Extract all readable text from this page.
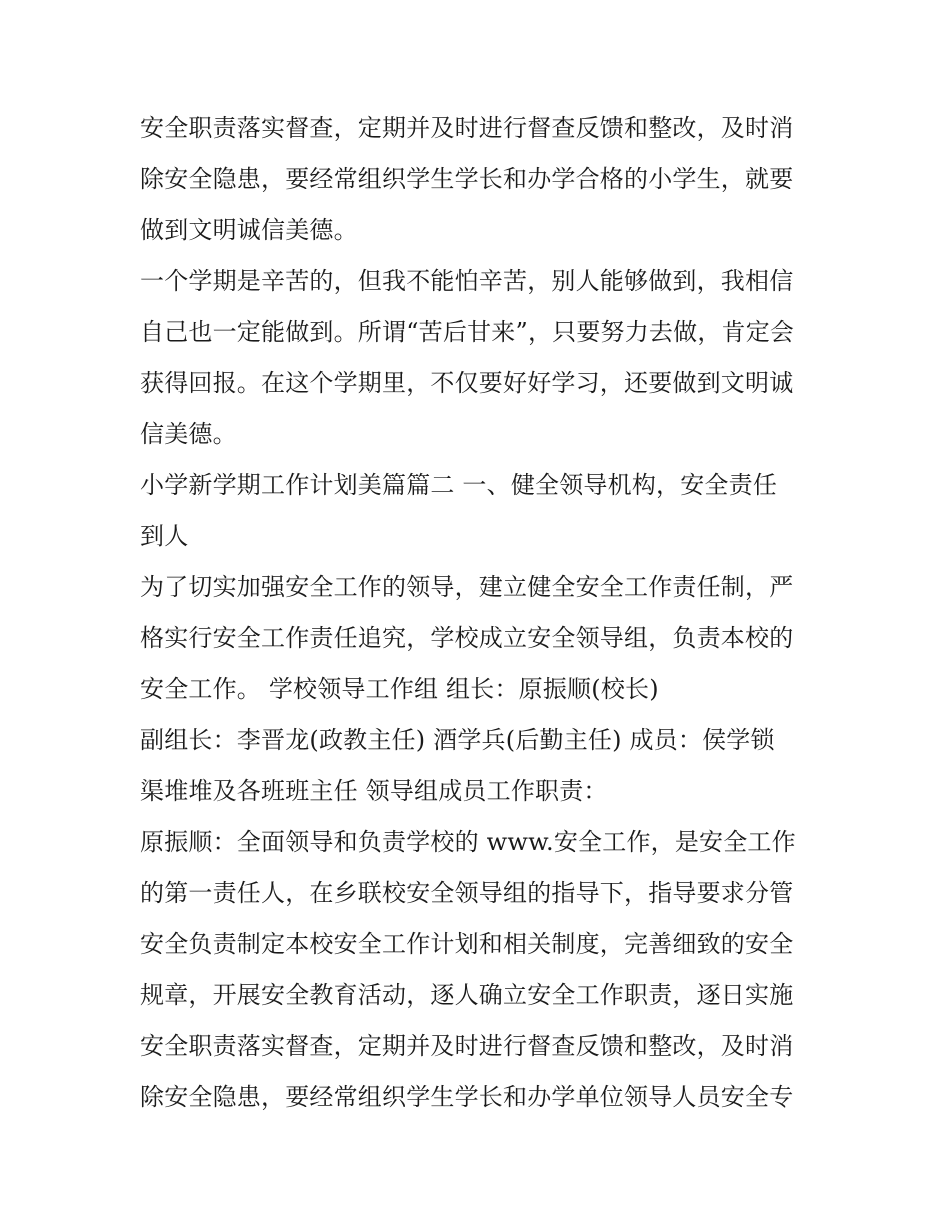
安全职责落实督查，定期并及时进行督查反馈和整改，及时消
除安全隐患，要经常组织学生学长和办学合格的小学生，就要
做到文明诚信美德。
一个学期是辛苦的，但我不能怕辛苦，别人能够做到，我相信
自己也一定能做到。所谓“苦后甘来”，只要努力去做，肯定会
获得回报。在这个学期里，不仅要好好学习，还要做到文明诚
信美德。
小学新学期工作计划美篇篇二 一、健全领导机构，安全责任
到人
为了切实加强安全工作的领导，建立健全安全工作责任制，严
格实行安全工作责任追究，学校成立安全领导组，负责本校的
安全工作。 学校领导工作组 组长：原振顺(校长)
副组长：李晋龙(政教主任) 酒学兵(后勤主任) 成员：侯学锁
渠堆堆及各班班主任 领导组成员工作职责：
原振顺：全面领导和负责学校的 www.安全工作，是安全工作
的第一责任人，在乡联校安全领导组的指导下，指导要求分管
安全负责制定本校安全工作计划和相关制度，完善细致的安全
规章，开展安全教育活动，逐人确立安全工作职责，逐日实施
安全职责落实督查，定期并及时进行督查反馈和整改，及时消
除安全隐患，要经常组织学生学长和办学单位领导人员安全专
